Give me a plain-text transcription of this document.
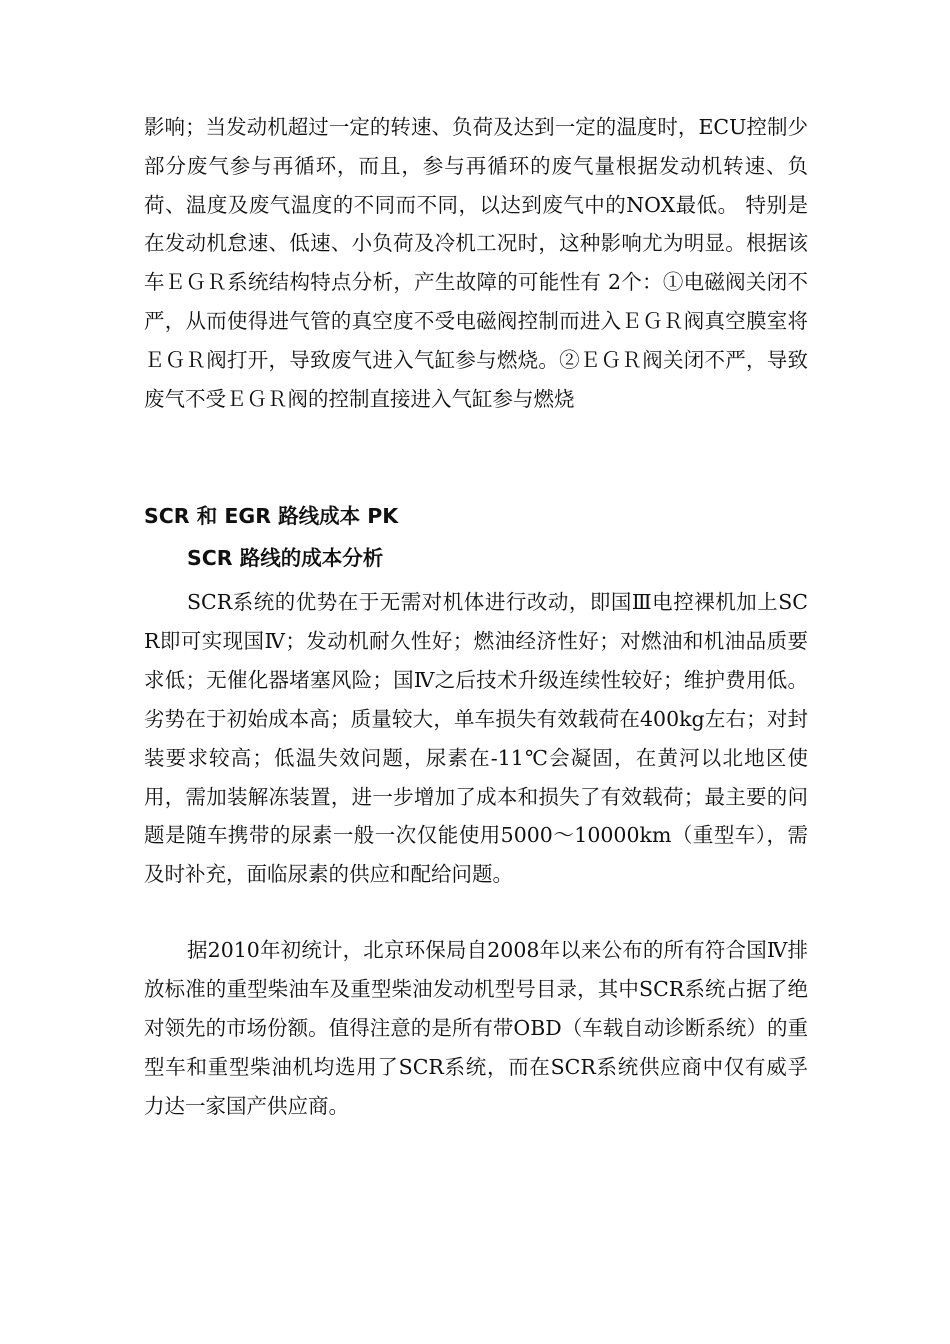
影响；当发动机超过一定的转速、负荷及达到一定的温度时，ECU控制少部分废气参与再循环，而且，参与再循环的废气量根据发动机转速、负荷、温度及废气温度的不同而不同，以达到废气中的NOX最低。 特别是在发动机怠速、低速、小负荷及冷机工况时，这种影响尤为明显。根据该车ＥＧＲ系统结构特点分析，产生故障的可能性有 2个：①电磁阀关闭不严，从而使得进气管的真空度不受电磁阀控制而进入ＥＧＲ阀真空膜室将ＥＧＲ阀打开，导致废气进入气缸参与燃烧。②ＥＧＲ阀关闭不严，导致废气不受ＥＧＲ阀的控制直接进入气缸参与燃烧

SCR 和 EGR 路线成本 PK
SCR 路线的成本分析

SCR系统的优势在于无需对机体进行改动，即国Ⅲ电控裸机加上SCR即可实现国Ⅳ；发动机耐久性好；燃油经济性好；对燃油和机油品质要求低；无催化器堵塞风险；国Ⅳ之后技术升级连续性较好；维护费用低。劣势在于初始成本高；质量较大，单车损失有效载荷在400kg左右；对封装要求较高；低温失效问题，尿素在-11℃会凝固，在黄河以北地区使用，需加装解冻装置，进一步增加了成本和损失了有效载荷；最主要的问题是随车携带的尿素一般一次仅能使用5000～10000km（重型车），需及时补充，面临尿素的供应和配给问题。

据2010年初统计，北京环保局自2008年以来公布的所有符合国Ⅳ排放标准的重型柴油车及重型柴油发动机型号目录，其中SCR系统占据了绝对领先的市场份额。值得注意的是所有带OBD（车载自动诊断系统）的重型车和重型柴油机均选用了SCR系统，而在SCR系统供应商中仅有威孚力达一家国产供应商。
